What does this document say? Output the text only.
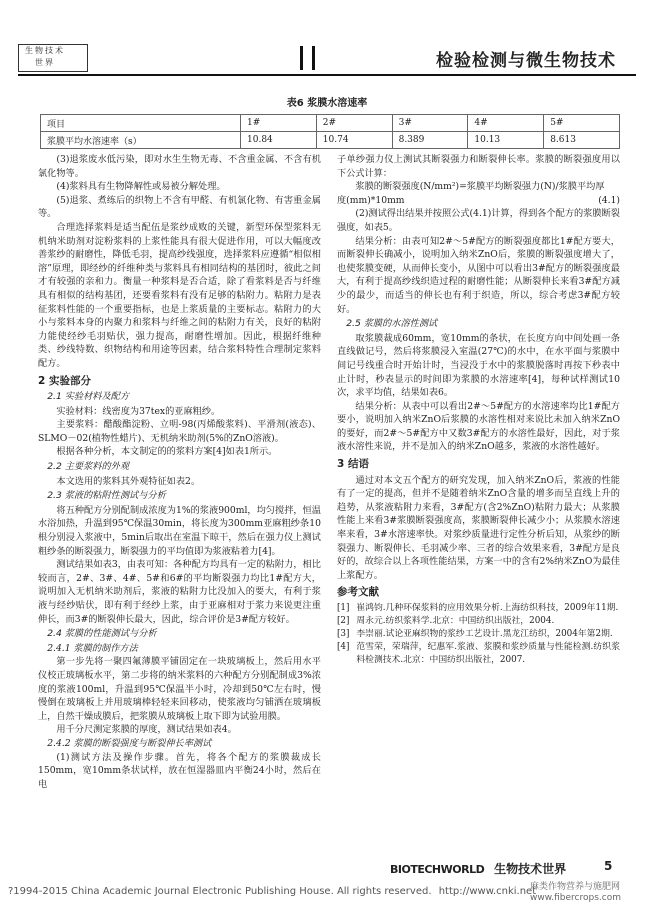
生物技术
世界	检验检测与微生物技术
表6 浆膜水溶速率
项目	1#	2#	3#	4#	5#
浆膜平均水溶速率（s）	10.84	10.74	8.389	10.13	8.613

(3)退浆废水低污染，即对水生生物无毒、不含重金属、不含有机氯化物等。

(4)浆料具有生物降解性或易被分解处理。

(5)退浆、煮练后的织物上不含有甲醛、有机氯化物、有害重金属等。

合理选择浆料是适当配伍是浆纱成败的关键，新型环保型浆料无机纳米助剂对淀粉浆料的上浆性能具有很大促进作用，可以大幅度改善浆纱的耐磨性，降低毛羽，提高纱线强度，选择浆料应遵循“相似相溶”原理，即经纱的纤维种类与浆料具有相同结构的基团时，彼此之间才有较强的亲和力。衡量一种浆料是否合适，除了看浆料是否与纤维具有相似的结构基团，还要看浆料有没有足够的粘附力。粘附力是表征浆料性能的一个重要指标，也是上浆质量的主要标志。粘附力的大小与浆料本身的内聚力和浆料与纤维之间的粘附力有关，良好的粘附力能使经纱毛羽贴伏，强力提高，耐磨性增加。因此，根据纤维种类、纱线特数、织物结构和用途等因素，结合浆料特性合理制定浆料配方。

2 实验部分
2.1 实验材料及配方

实验材料：线密度为37tex的亚麻粗纱。

主要浆料：醋酸酯淀粉、立明-98(丙烯酸浆料)、平滑剂(液态)、SLMO－02(植物性蜡片)、无机纳米助剂(5%的ZnO溶液)。

根据各种分析，本文制定的的浆料方案[4]如表1所示。

2.2 主要浆料的外观

本文选用的浆料其外观特征如表2。

2.3 浆液的粘附性测试与分析

将五种配方分别配制成浓度为1%的浆液900ml，均匀搅拌，恒温水浴加热，升温到95℃保温30min，将长度为300mm亚麻粗纱条10根分别浸入浆液中，5min后取出在室温下晾干，然后在强力仪上测试粗纱条的断裂强力，断裂强力的平均值即为浆液粘着力[4]。

测试结果如表3，由表可知：各种配方均具有一定的粘附力，相比较而言，2#、3#、4#、5#和6#的平均断裂强力均比1#配方大，说明加入无机纳米助剂后，浆液的粘附力比没加入的要大，有利于浆液与经纱贴伏，即有利于经纱上浆，由于亚麻相对于浆力来说更注重伸长，而3#的断裂伸长最大，因此，综合评价是3#配方较好。

2.4 浆膜的性能测试与分析
2.4.1 浆膜的制作方法

第一步先将一聚四氟薄膜平铺固定在一块玻璃板上，然后用水平仪校正玻璃板水平，第二步将的纳米浆料的六种配方分别配制成3%浓度的浆液100ml，升温到95℃保温半小时，冷却到50℃左右时，慢慢倒在玻璃板上并用玻璃棒轻轻来回移动，使浆液均匀铺洒在玻璃板上，自然干燥成膜后，把浆膜从玻璃板上取下即为试验用膜。

用千分尺测定浆膜的厚度，测试结果如表4。

2.4.2 浆膜的断裂强度与断裂伸长率测试

(1)测试方法及操作步骤。首先，将各个配方的浆膜裁成长150mm，宽10mm条状试样，放在恒湿器皿内平衡24小时，然后在电

子单纱强力仪上测试其断裂强力和断裂伸长率。浆膜的断裂强度用以下公式计算：

浆膜的断裂强度(N/mm²)=浆膜平均断裂强力(N)/浆膜平均厚

度(mm)*10mm	(4.1)

(2)测试得出结果并按照公式(4.1)计算，得到各个配方的浆膜断裂强度，如表5。

结果分析：由表可知2#～5#配方的断裂强度都比1#配方要大，而断裂伸长确减小，说明加入纳米ZnO后，浆膜的断裂强度增大了，也使浆膜变硬，从而伸长变小，从图中可以看出3#配方的断裂强度最大，有利于提高纱线织造过程的耐磨性能；从断裂伸长来看3#配方减少的最少，而适当的伸长也有利于织造，所以，综合考虑3#配方较好。

2.5 浆膜的水溶性测试

取浆膜裁成60mm，宽10mm的条状，在长度方向中间处画一条直线做记号，然后将浆膜浸入室温(27℃)的水中，在水平面与浆膜中间记号线重合时开始计时，当浸没于水中的浆膜脱落时再按下秒表中止计时，秒表显示的时间即为浆膜的水溶速率[4]，每种试样测试10次，求平均值，结果如表6。

结果分析：从表中可以看出2#～5#配方的水溶速率均比1#配方要小，说明加入纳米ZnO后浆膜的水溶性相对来说比未加入纳米ZnO的要好，而2#～5#配方中又数3#配方的水溶性最好，因此，对于浆液水溶性来说，并不是加入的纳米ZnO越多，浆液的水溶性越好。

3 结语

通过对本文五个配方的研究发现，加入纳米ZnO后，浆液的性能有了一定的提高，但并不是随着纳米ZnO含量的增多而呈直线上升的趋势，从浆液粘附力来看，3#配方(含2%ZnO)粘附力最大；从浆膜性能上来看3#浆膜断裂强度高，浆膜断裂伸长减少小；从浆膜水溶速率来看，3#水溶速率快。对浆纱质量进行定性分析后知，从浆纱的断裂强力、断裂伸长、毛羽减少率、三者的综合效果来看，3#配方是良好的，故综合以上各项性能结果，方案一中的含有2%纳米ZnO为最佳上浆配方。

参考文献
[1] 崔鸿钧.几种环保浆料的应用效果分析.上海纺织科技，2009年11期.
[2] 周永元.纺织浆料学.北京：中国纺织出版社，2004.
[3] 李崇丽.试论亚麻织物的浆纱工艺设计.黑龙江纺织，2004年第2期.
[4] 范雪荣，荣瑞萍，纪惠军.浆液、浆膜和浆纱质量与性能检测.纺织浆料检测技术.北京：中国纺织出版社，2007.
BIOTECHWORLD 生物技术世界	5
?1994-2015 China Academic Journal Electronic Publishing House. All rights reserved. http://www.cnki.net
麻类作物营养与施肥网
www.fibercrops.com
